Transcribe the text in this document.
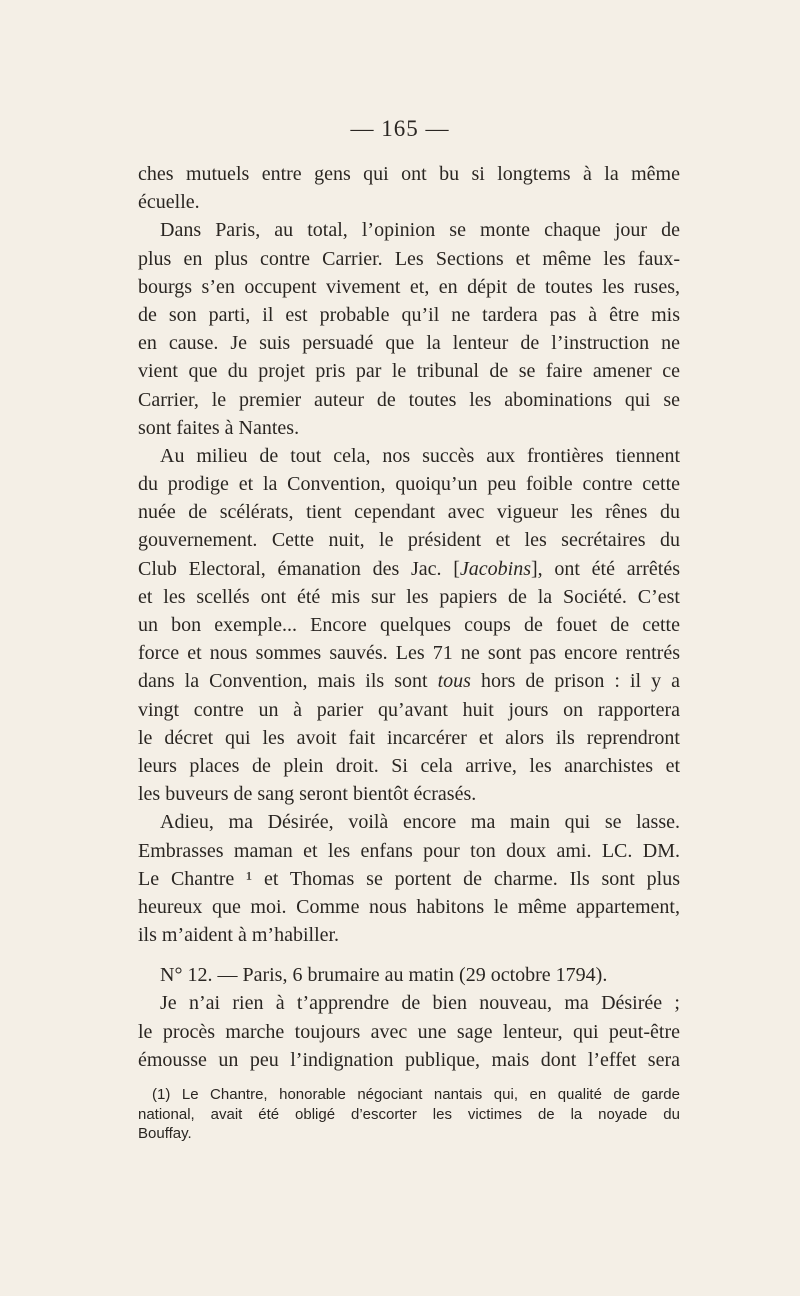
— 165 —
ches mutuels entre gens qui ont bu si longtems à la même
écuelle.
Dans Paris, au total, l’opinion se monte chaque jour de
plus en plus contre Carrier. Les Sections et même les faux-
bourgs s’en occupent vivement et, en dépit de toutes les ruses,
de son parti, il est probable qu’il ne tardera pas à être mis
en cause. Je suis persuadé que la lenteur de l’instruction ne
vient que du projet pris par le tribunal de se faire amener ce
Carrier, le premier auteur de toutes les abominations qui se
sont faites à Nantes.
Au milieu de tout cela, nos succès aux frontières tiennent
du prodige et la Convention, quoiqu’un peu foible contre cette
nuée de scélérats, tient cependant avec vigueur les rênes du
gouvernement. Cette nuit, le président et les secrétaires du
Club Electoral, émanation des Jac. [Jacobins], ont été arrêtés
et les scellés ont été mis sur les papiers de la Société. C’est
un bon exemple... Encore quelques coups de fouet de cette
force et nous sommes sauvés. Les 71 ne sont pas encore rentrés
dans la Convention, mais ils sont tous hors de prison : il y a
vingt contre un à parier qu’avant huit jours on rapportera
le décret qui les avoit fait incarcérer et alors ils reprendront
leurs places de plein droit. Si cela arrive, les anarchistes et
les buveurs de sang seront bientôt écrasés.
Adieu, ma Désirée, voilà encore ma main qui se lasse.
Embrasses maman et les enfans pour ton doux ami. LC. DM.
Le Chantre ¹ et Thomas se portent de charme. Ils sont plus
heureux que moi. Comme nous habitons le même appartement,
ils m’aident à m’habiller.
N° 12. — Paris, 6 brumaire au matin (29 octobre 1794).
Je n’ai rien à t’apprendre de bien nouveau, ma Désirée ;
le procès marche toujours avec une sage lenteur, qui peut-être
émousse un peu l’indignation publique, mais dont l’effet sera
(1) Le Chantre, honorable négociant nantais qui, en qualité de garde
national, avait été obligé d’escorter les victimes de la noyade du
Bouffay.
